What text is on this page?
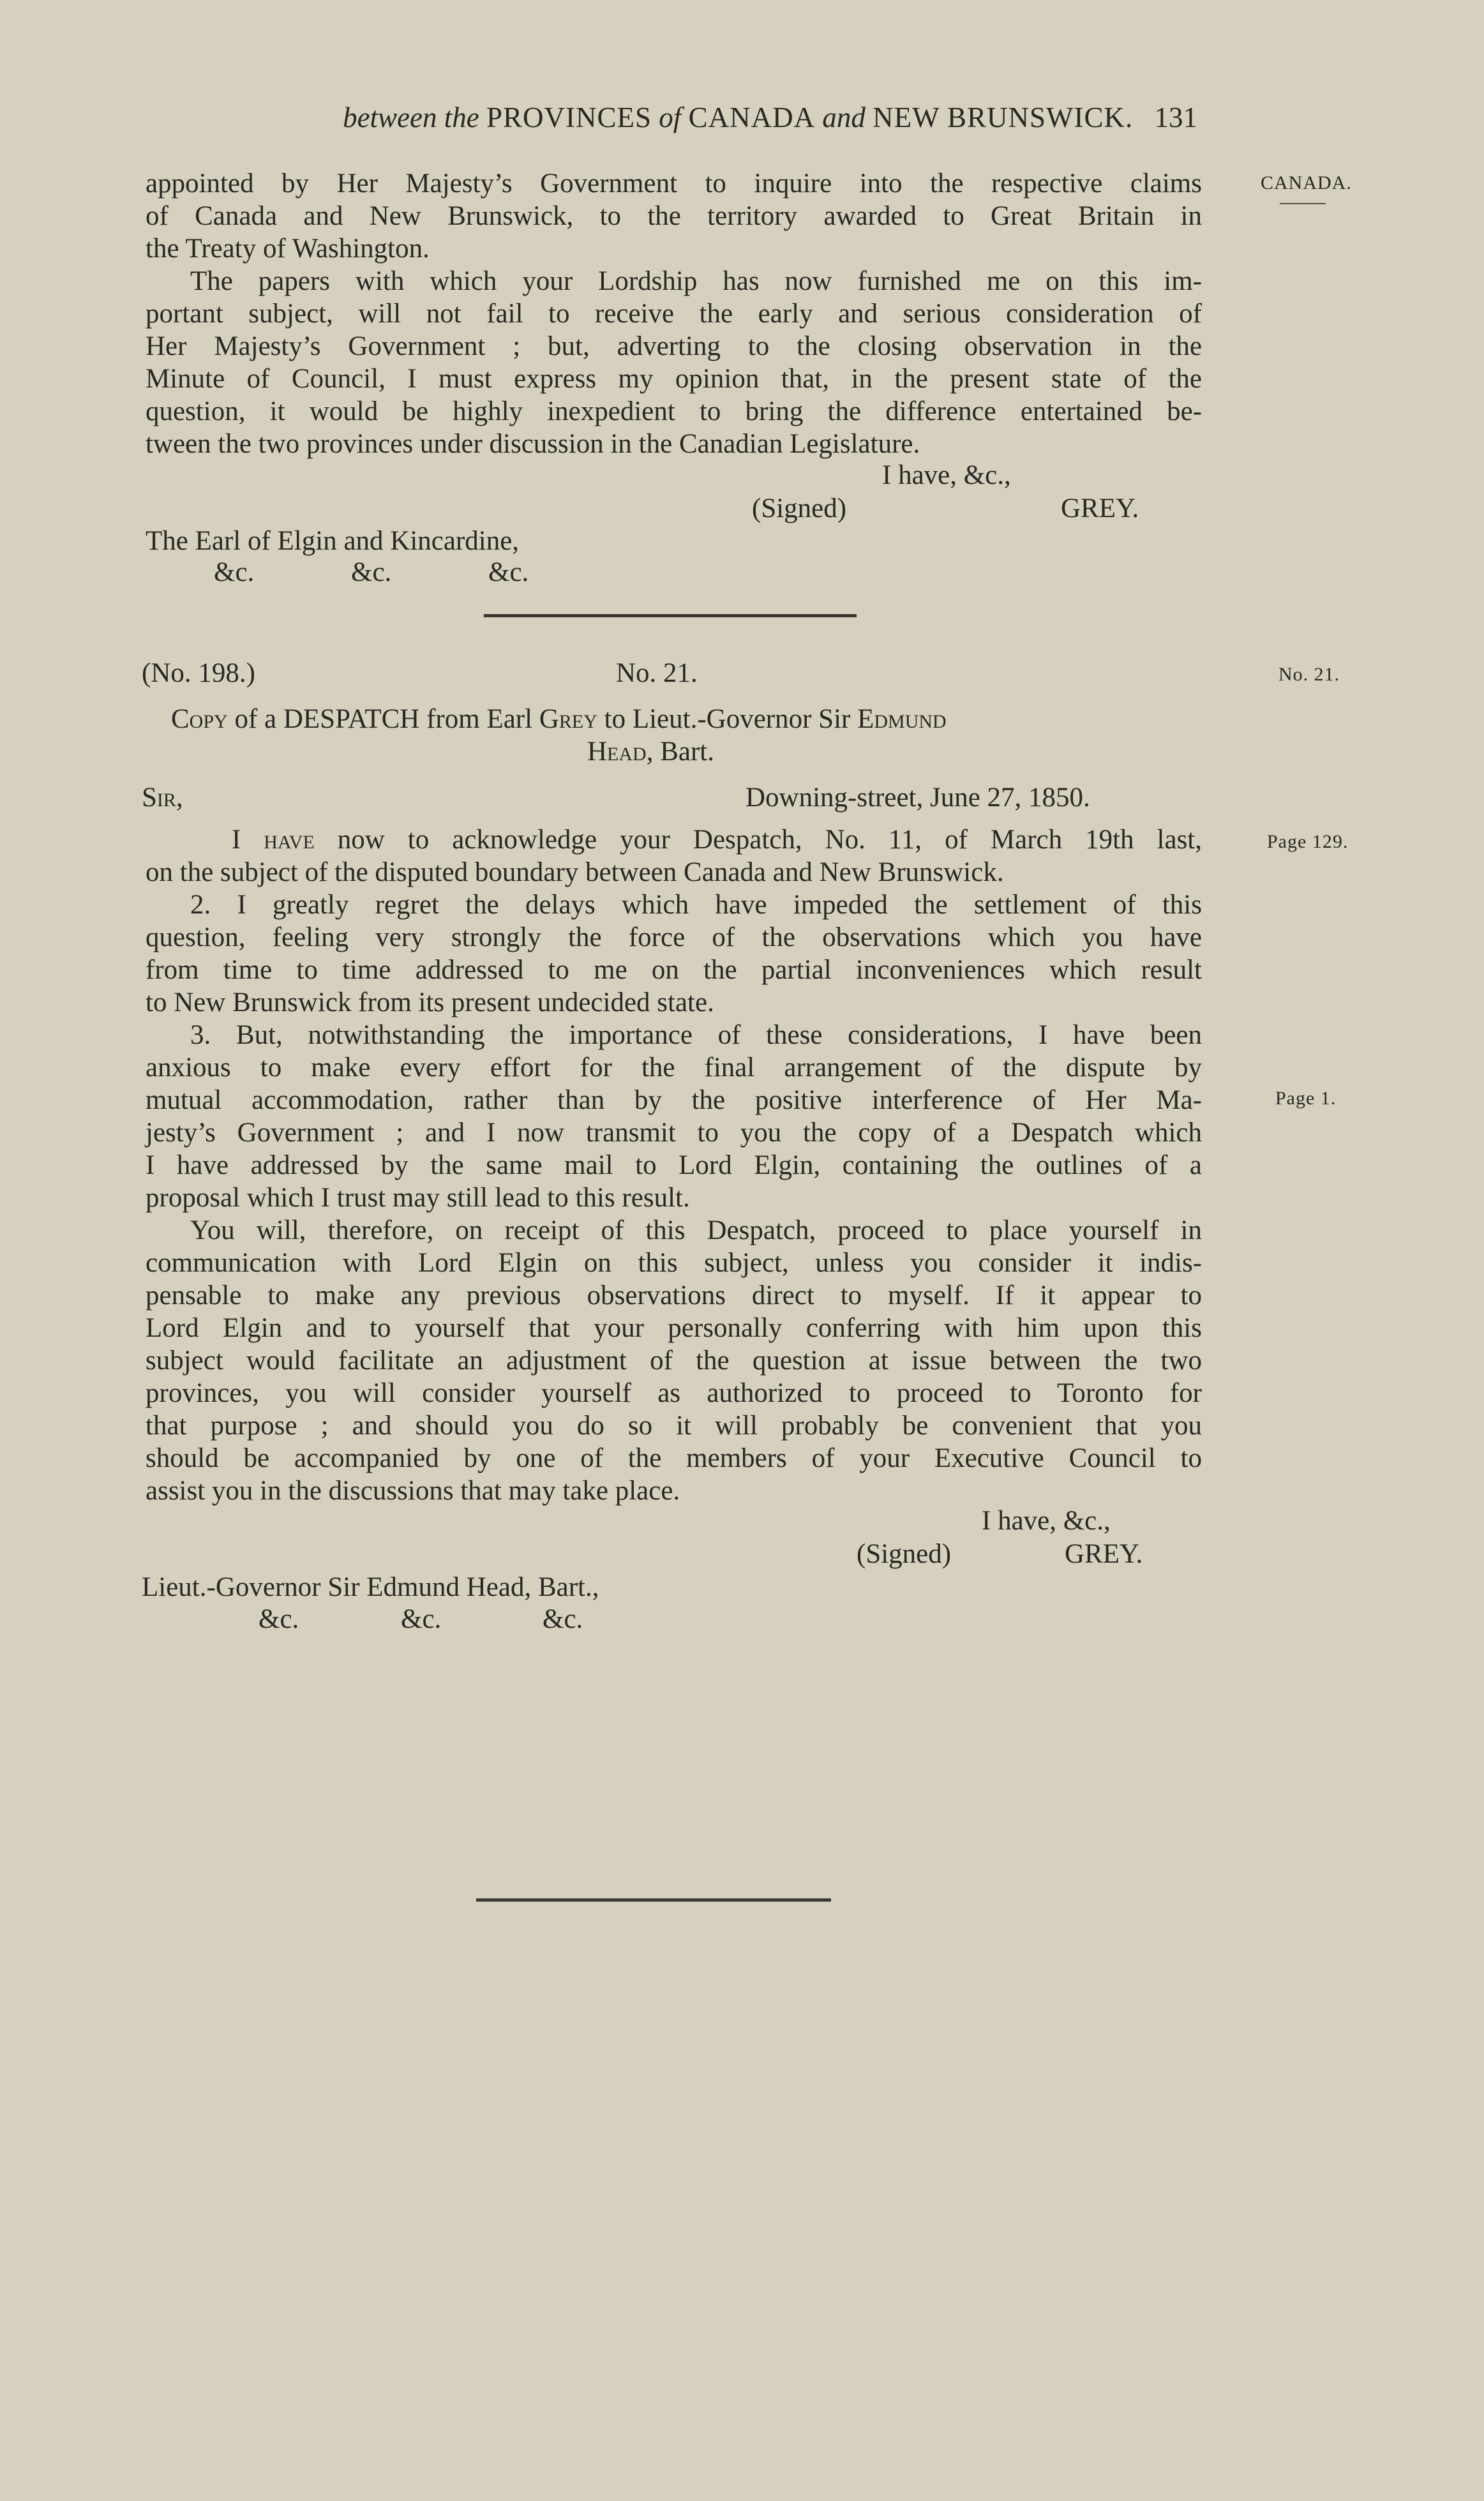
between the PROVINCES of CANADA and NEW BRUNSWICK. 131
CANADA.
No. 21.
Page 129.
Page 1.
appointed by Her Majesty’s Government to inquire into the respective claims
of Canada and New Brunswick, to the territory awarded to Great Britain in
the Treaty of Washington.
The papers with which your Lordship has now furnished me on this im-
portant subject, will not fail to receive the early and serious consideration of
Her Majesty’s Government ; but, adverting to the closing observation in the
Minute of Council, I must express my opinion that, in the present state of the
question, it would be highly inexpedient to bring the difference entertained be-
tween the two provinces under discussion in the Canadian Legislature.
I have, &c.,
(Signed)	GREY.
The Earl of Elgin and Kincardine,
&c.	&c.	&c.
(No. 198.)	No. 21.
Copy of a DESPATCH from Earl Grey to Lieut.-Governor Sir Edmund
Head, Bart.
Sir,	Downing-street, June 27, 1850.
I have now to acknowledge your Despatch, No. 11, of March 19th last,
on the subject of the disputed boundary between Canada and New Brunswick.
2. I greatly regret the delays which have impeded the settlement of this
question, feeling very strongly the force of the observations which you have
from time to time addressed to me on the partial inconveniences which result
to New Brunswick from its present undecided state.
3. But, notwithstanding the importance of these considerations, I have been
anxious to make every effort for the final arrangement of the dispute by
mutual accommodation, rather than by the positive interference of Her Ma-
jesty’s Government ; and I now transmit to you the copy of a Despatch which
I have addressed by the same mail to Lord Elgin, containing the outlines of a
proposal which I trust may still lead to this result.
You will, therefore, on receipt of this Despatch, proceed to place yourself in
communication with Lord Elgin on this subject, unless you consider it indis-
pensable to make any previous observations direct to myself. If it appear to
Lord Elgin and to yourself that your personally conferring with him upon this
subject would facilitate an adjustment of the question at issue between the two
provinces, you will consider yourself as authorized to proceed to Toronto for
that purpose ; and should you do so it will probably be convenient that you
should be accompanied by one of the members of your Executive Council to
assist you in the discussions that may take place.
I have, &c.,
(Signed)	GREY.
Lieut.-Governor Sir Edmund Head, Bart.,
&c.	&c.	&c.
